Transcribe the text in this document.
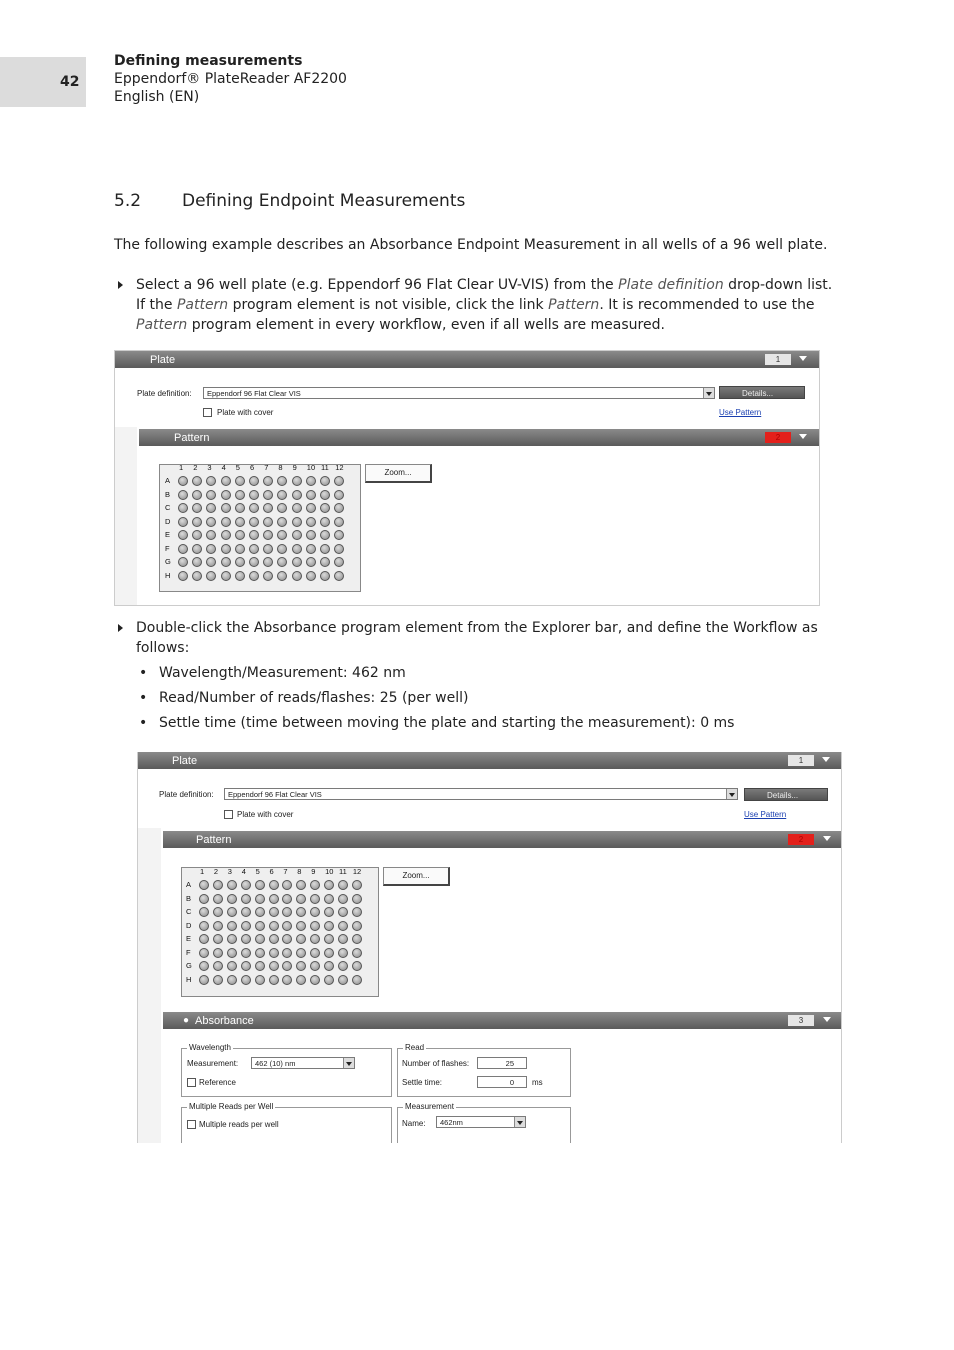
42
Defining measurements
Eppendorf® PlateReader AF2200
English (EN)
5.2 Defining Endpoint Measurements
The following example describes an Absorbance Endpoint Measurement in all wells of a 96 well plate.
Select a 96 well plate (e.g. Eppendorf 96 Flat Clear UV-VIS) from the Plate definition drop-down list. If the Pattern program element is not visible, click the link Pattern. It is recommended to use the Pattern program element in every workflow, even if all wells are measured.
Plate	1
Plate definition:	Eppendorf 96 Flat Clear VIS	Details...
Plate with cover	Use Pattern
Pattern	2
1 2 3 4 5 6 7 8 9 10 11 12
A
B
C
D
E
F
G
H
Zoom...
Double-click the Absorbance program element from the Explorer bar, and define the Workflow as follows:
• Wavelength/Measurement: 462 nm
• Read/Number of reads/flashes: 25 (per well)
• Settle time (time between moving the plate and starting the measurement): 0 ms
Plate	1
Plate definition:	Eppendorf 96 Flat Clear VIS	Details...
Plate with cover	Use Pattern
Pattern	2
1 2 3 4 5 6 7 8 9 10 11 12
A
B
C
D
E
F
G
H
Zoom...
● Absorbance	3
Wavelength
Measurement:	462 (10) nm
Reference
Read
Number of flashes:	25
Settle time:	0	ms
Multiple Reads per Well
Multiple reads per well
Measurement
Name:	462nm
